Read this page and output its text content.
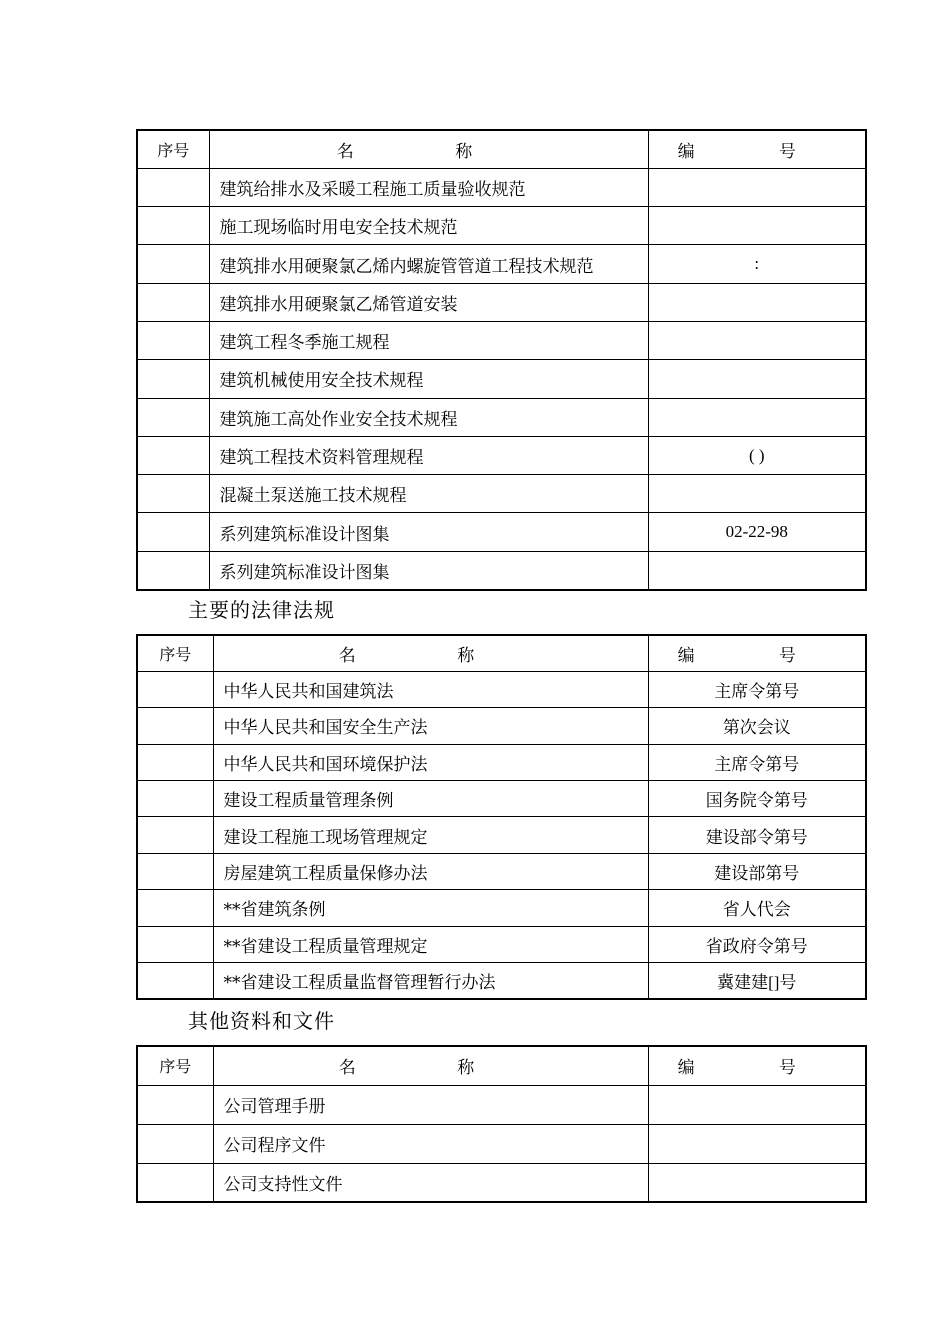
序号	名 称	编 号
	建筑给排水及采暖工程施工质量验收规范	
	施工现场临时用电安全技术规范	
	建筑排水用硬聚氯乙烯内螺旋管管道工程技术规范	:
	建筑排水用硬聚氯乙烯管道安装	
	建筑工程冬季施工规程	
	建筑机械使用安全技术规程	
	建筑施工高处作业安全技术规程	
	建筑工程技术资料管理规程	( )
	混凝土泵送施工技术规程	
	系列建筑标准设计图集	02-22-98
	系列建筑标准设计图集	
主要的法律法规
序号	名 称	编 号
	中华人民共和国建筑法	主席令第号
	中华人民共和国安全生产法	第次会议
	中华人民共和国环境保护法	主席令第号
	建设工程质量管理条例	国务院令第号
	建设工程施工现场管理规定	建设部令第号
	房屋建筑工程质量保修办法	建设部第号
	**省建筑条例	省人代会
	**省建设工程质量管理规定	省政府令第号
	**省建设工程质量监督管理暂行办法	冀建建[]号
其他资料和文件
序号	名 称	编 号
	公司管理手册	
	公司程序文件	
	公司支持性文件	
